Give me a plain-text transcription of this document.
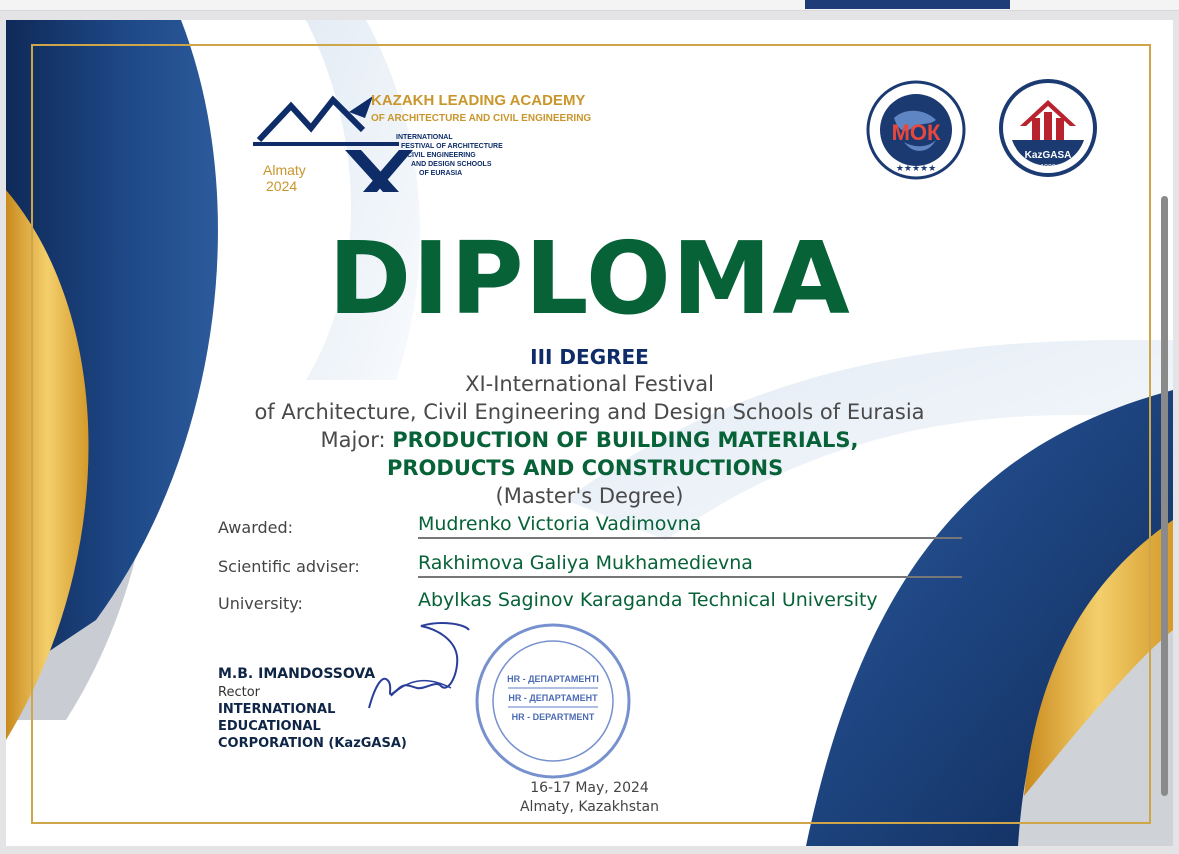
Almaty
2024
KAZAKH LEADING ACADEMY
OF ARCHITECTURE AND CIVIL ENGINEERING
INTERNATIONAL
FESTIVAL OF ARCHITECTURE
CIVIL ENGINEERING
AND DESIGN SCHOOLS
OF EURASIA
МОК
★★★★★
KazGASA
1980
DIPLOMA
III DEGREE
XI-International Festival
of Architecture, Civil Engineering and Design Schools of Eurasia
Major: PRODUCTION OF BUILDING MATERIALS,
PRODUCTS AND CONSTRUCTIONS
(Master's Degree)
Awarded:	Mudrenko Victoria Vadimovna
Scientific adviser:	Rakhimova Galiya Mukhamedievna
University:	Abylkas Saginov Karaganda Technical University
M.B. IMANDOSSOVA
Rector
INTERNATIONAL
EDUCATIONAL
CORPORATION (KazGASA)
HR - ДЕПАРТАМЕНТІ
HR - ДЕПАРТАМЕНТ
HR - DEPARTMENT
16-17 May, 2024
Almaty, Kazakhstan
